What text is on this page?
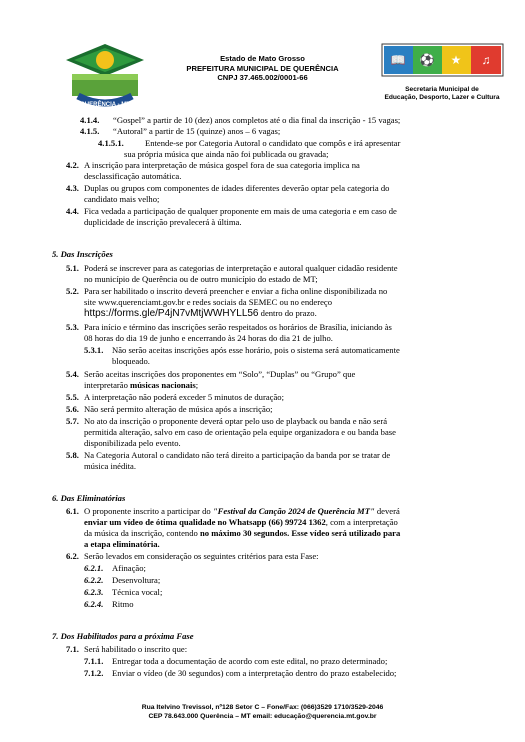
QUERÊNCIA - MT
Estado de Mato Grosso
PREFEITURA MUNICIPAL DE QUERÊNCIA
CNPJ 37.465.002/0001-66
📖 ⚽ ★ ♫
Secretaria Municipal de
Educação, Desporto, Lazer e Cultura
4.1.4. “Gospel” a partir de 10 (dez) anos completos até o dia final da inscrição - 15 vagas;
4.1.5. “Autoral” a partir de 15 (quinze) anos – 6 vagas;
4.1.5.1. Entende-se por Categoria Autoral o candidato que compôs e irá apresentar
sua própria música que ainda não foi publicada ou gravada;
4.2. A inscrição para interpretação de música gospel fora de sua categoria implica na
desclassificação automática.
4.3. Duplas ou grupos com componentes de idades diferentes deverão optar pela categoria do
candidato mais velho;
4.4. Fica vedada a participação de qualquer proponente em mais de uma categoria e em caso de
duplicidade de inscrição prevalecerá à última.
5. Das Inscrições
5.1. Poderá se inscrever para as categorias de interpretação e autoral qualquer cidadão residente
no município de Querência ou de outro município do estado de MT;
5.2. Para ser habilitado o inscrito deverá preencher e enviar a ficha online disponibilizada no
site www.querenciamt.gov.br e redes sociais da SEMEC ou no endereço
https://forms.gle/P4jN7vMtjWWHYLL56 dentro do prazo.
5.3. Para início e término das inscrições serão respeitados os horários de Brasília, iniciando às
08 horas do dia 19 de junho e encerrando às 24 horas do dia 21 de julho.
5.3.1. Não serão aceitas inscrições após esse horário, pois o sistema será automaticamente
bloqueado.
5.4. Serão aceitas inscrições dos proponentes em “Solo”, “Duplas” ou “Grupo” que
interpretarão músicas nacionais;
5.5. A interpretação não poderá exceder 5 minutos de duração;
5.6. Não será permito alteração de música após a inscrição;
5.7. No ato da inscrição o proponente deverá optar pelo uso de playback ou banda e não será
permitida alteração, salvo em caso de orientação pela equipe organizadora e ou banda base
disponibilizada pelo evento.
5.8. Na Categoria Autoral o candidato não terá direito a participação da banda por se tratar de
música inédita.
6. Das Eliminatórias
6.1. O proponente inscrito a participar do "Festival da Canção 2024 de Querência MT" deverá
enviar um vídeo de ótima qualidade no Whatsapp (66) 99724 1362, com a interpretação
da música da inscrição, contendo no máximo 30 segundos. Esse vídeo será utilizado para
a etapa eliminatória.
6.2. Serão levados em consideração os seguintes critérios para esta Fase:
6.2.1. Afinação;
6.2.2. Desenvoltura;
6.2.3. Técnica vocal;
6.2.4. Ritmo
7. Dos Habilitados para a próxima Fase
7.1. Será habilitado o inscrito que:
7.1.1. Entregar toda a documentação de acordo com este edital, no prazo determinado;
7.1.2. Enviar o vídeo (de 30 segundos) com a interpretação dentro do prazo estabelecido;
Rua Itelvino Trevissol, nº128 Setor C – Fone/Fax: (066)3529 1710/3529-2046
CEP 78.643.000 Querência – MT email: educação@querencia.mt.gov.br
